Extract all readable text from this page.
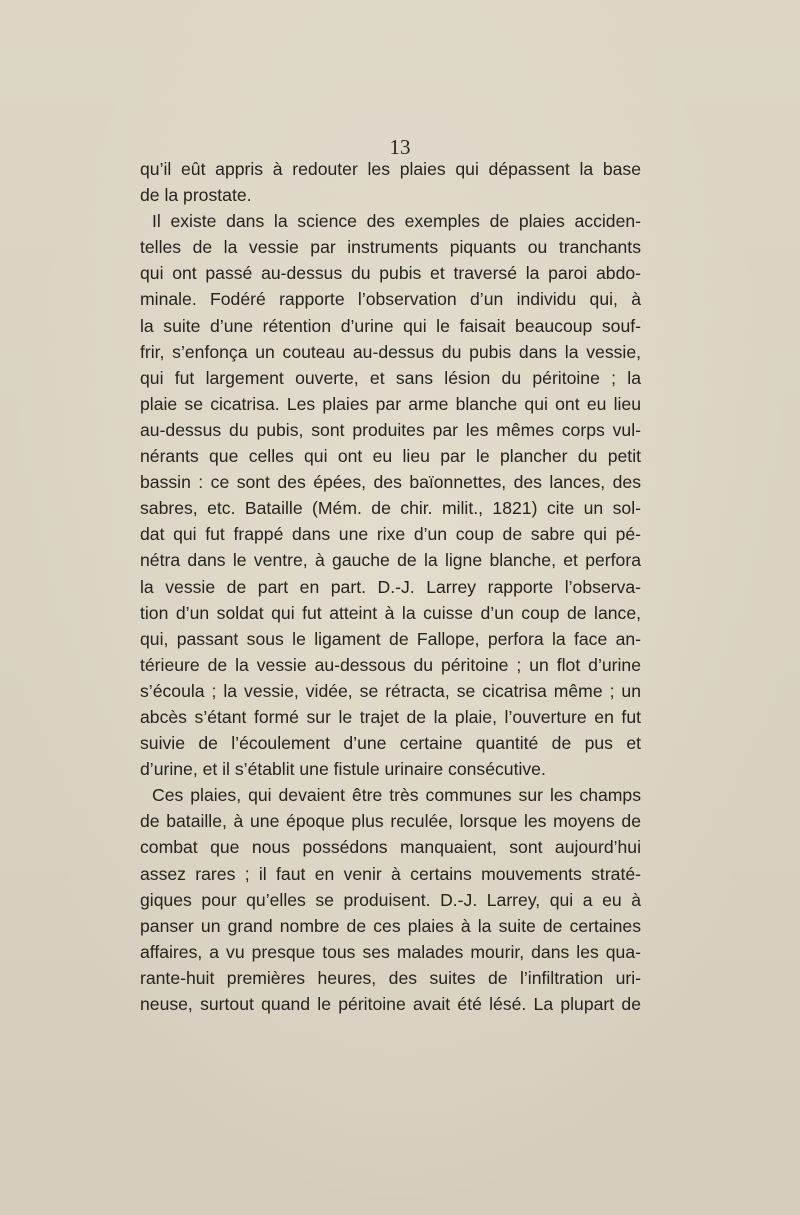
13
qu’il eût appris à redouter les plaies qui dépassent la base
de la prostate.
Il existe dans la science des exemples de plaies acciden-
telles de la vessie par instruments piquants ou tranchants
qui ont passé au-dessus du pubis et traversé la paroi abdo-
minale. Fodéré rapporte l’observation d’un individu qui, à
la suite d’une rétention d’urine qui le faisait beaucoup souf-
frir, s’enfonça un couteau au-dessus du pubis dans la vessie,
qui fut largement ouverte, et sans lésion du péritoine ; la
plaie se cicatrisa. Les plaies par arme blanche qui ont eu lieu
au-dessus du pubis, sont produites par les mêmes corps vul-
nérants que celles qui ont eu lieu par le plancher du petit
bassin : ce sont des épées, des baïonnettes, des lances, des
sabres, etc. Bataille (Mém. de chir. milit., 1821) cite un sol-
dat qui fut frappé dans une rixe d’un coup de sabre qui pé-
nétra dans le ventre, à gauche de la ligne blanche, et perfora
la vessie de part en part. D.-J. Larrey rapporte l’observa-
tion d’un soldat qui fut atteint à la cuisse d’un coup de lance,
qui, passant sous le ligament de Fallope, perfora la face an-
térieure de la vessie au-dessous du péritoine ; un flot d’urine
s’écoula ; la vessie, vidée, se rétracta, se cicatrisa même ; un
abcès s’étant formé sur le trajet de la plaie, l’ouverture en fut
suivie de l’écoulement d’une certaine quantité de pus et
d’urine, et il s’établit une fistule urinaire consécutive.
Ces plaies, qui devaient être très communes sur les champs
de bataille, à une époque plus reculée, lorsque les moyens de
combat que nous possédons manquaient, sont aujourd’hui
assez rares ; il faut en venir à certains mouvements straté-
giques pour qu’elles se produisent. D.-J. Larrey, qui a eu à
panser un grand nombre de ces plaies à la suite de certaines
affaires, a vu presque tous ses malades mourir, dans les qua-
rante-huit premières heures, des suites de l’infiltration uri-
neuse, surtout quand le péritoine avait été lésé. La plupart de
